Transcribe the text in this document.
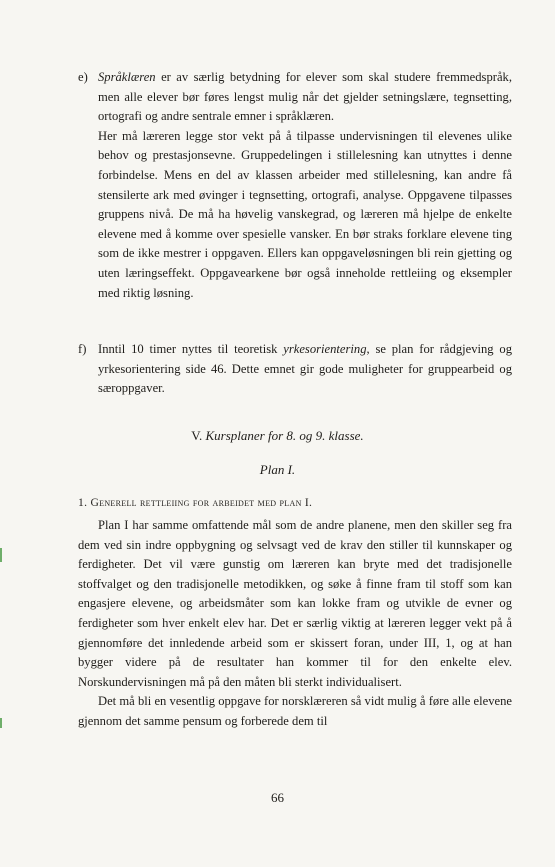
e) Språklæren er av særlig betydning for elever som skal studere fremmedspråk, men alle elever bør føres lengst mulig når det gjelder setningslære, tegnsetting, ortografi og andre sentrale emner i språklæren.

Her må læreren legge stor vekt på å tilpasse undervisningen til elevenes ulike behov og prestasjonsevne. Gruppedelingen i stillelesning kan utnyttes i denne forbindelse. Mens en del av klassen arbeider med stillelesning, kan andre få stensilerte ark med øvinger i tegnsetting, ortografi, analyse. Oppgavene tilpasses gruppens nivå. De må ha høvelig vanskegrad, og læreren må hjelpe de enkelte elevene med å komme over spesielle vansker. En bør straks forklare elevene ting som de ikke mestrer i oppgaven. Ellers kan oppgaveløsningen bli rein gjetting og uten læringseffekt. Oppgavearkene bør også inneholde rettleiing og eksempler med riktig løsning.

f) Inntil 10 timer nyttes til teoretisk yrkesorientering, se plan for rådgjeving og yrkesorientering side 46. Dette emnet gir gode muligheter for gruppearbeid og særoppgaver.

V. Kursplaner for 8. og 9. klasse.
Plan I.
1. Generell rettleiing for arbeidet med plan I.

Plan I har samme omfattende mål som de andre planene, men den skiller seg fra dem ved sin indre oppbygning og selvsagt ved de krav den stiller til kunnskaper og ferdigheter. Det vil være gunstig om læreren kan bryte med det tradisjonelle stoffvalget og den tradisjonelle metodikken, og søke å finne fram til stoff som kan engasjere elevene, og arbeidsmåter som kan lokke fram og utvikle de evner og ferdigheter som hver enkelt elev har. Det er særlig viktig at læreren legger vekt på å gjennomføre det innledende arbeid som er skissert foran, under III, 1, og at han bygger videre på de resultater han kommer til for den enkelte elev. Norskundervisningen må på den måten bli sterkt individualisert.

Det må bli en vesentlig oppgave for norsklæreren så vidt mulig å føre alle elevene gjennom det samme pensum og forberede dem til

66
